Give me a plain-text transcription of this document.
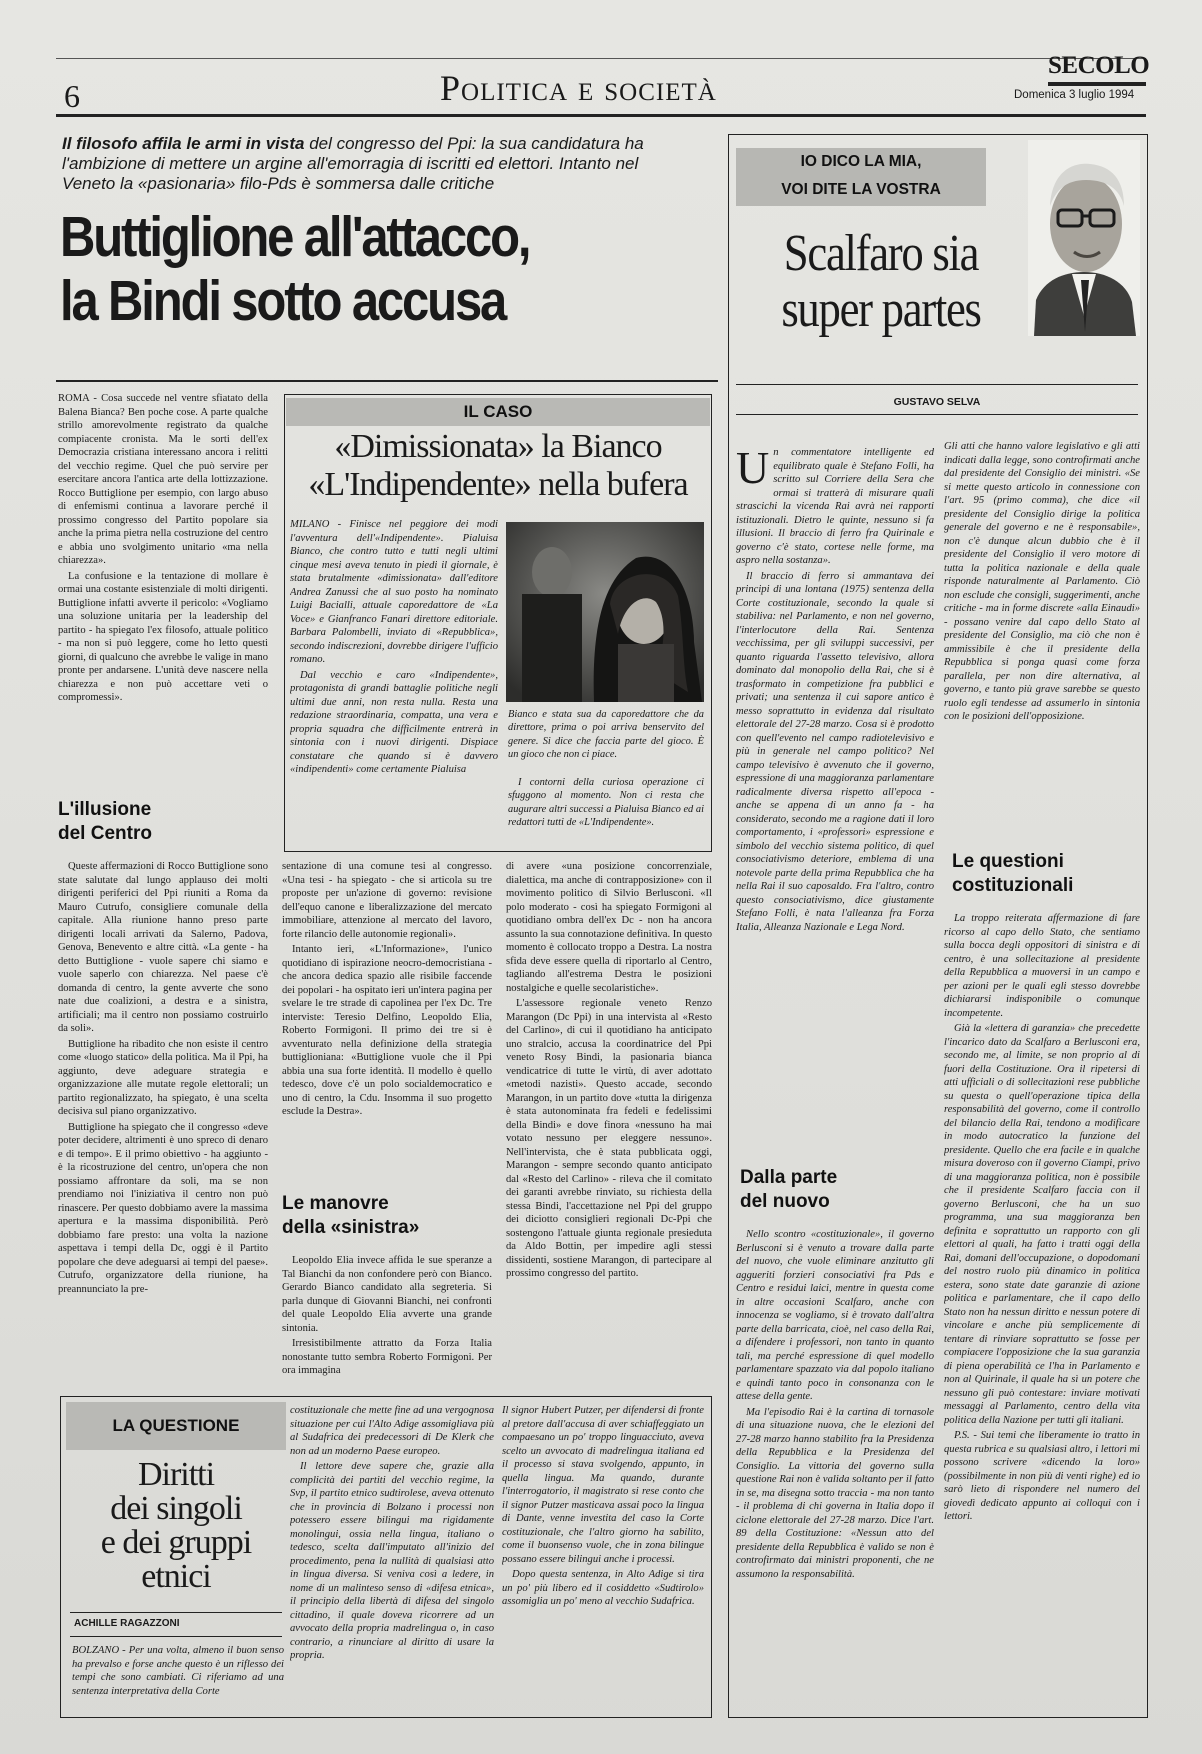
6	Politica e società
SECOLO
Domenica 3 luglio 1994
Il filosofo affila le armi in vista del congresso del Ppi: la sua candidatura ha l'ambizione di mettere un argine all'emorragia di iscritti ed elettori. Intanto nel Veneto la «pasionaria» filo-Pds è sommersa dalle critiche
Buttiglione all'attacco,
la Bindi sotto accusa

ROMA - Cosa succede nel ventre sfiatato della Balena Bianca? Ben poche cose. A parte qualche strillo amorevolmente registrato da qualche compiacente cronista. Ma le sorti dell'ex Democrazia cristiana interessano ancora i relitti del vecchio regime. Quel che può servire per esercitare ancora l'antica arte della lottizzazione. Rocco Buttiglione per esempio, con largo abuso di enfemismi continua a lavorare perché il prossimo congresso del Partito popolare sia anche la prima pietra nella costruzione del centro e abbia uno svolgimento unitario «ma nella chiarezza».

La confusione e la tentazione di mollare è ormai una costante esistenziale di molti dirigenti. Buttiglione infatti avverte il pericolo: «Vogliamo una soluzione unitaria per la leadership del partito - ha spiegato l'ex filosofo, attuale politico - ma non si può leggere, come ho letto questi giorni, di qualcuno che avrebbe le valige in mano pronte per andarsene. L'unità deve nascere nella chiarezza e non può accettare veti o compromessi».

L'illusione
del Centro

Queste affermazioni di Rocco Buttiglione sono state salutate dal lungo applauso dei molti dirigenti periferici del Ppi riuniti a Roma da Mauro Cutrufo, consigliere comunale della capitale. Alla riunione hanno preso parte dirigenti locali arrivati da Salerno, Padova, Genova, Benevento e altre città. «La gente - ha detto Buttiglione - vuole sapere chi siamo e vuole saperlo con chiarezza. Nel paese c'è domanda di centro, la gente avverte che sono nate due coalizioni, a destra e a sinistra, artificiali; ma il centro non possiamo costruirlo da soli».

Buttiglione ha ribadito che non esiste il centro come «luogo statico» della politica. Ma il Ppi, ha aggiunto, deve adeguare strategia e organizzazione alle mutate regole elettorali; un partito regionalizzato, ha spiegato, è una scelta decisiva sul piano organizzativo.

Buttiglione ha spiegato che il congresso «deve poter decidere, altrimenti è uno spreco di denaro e di tempo». E il primo obiettivo - ha aggiunto - è la ricostruzione del centro, un'opera che non possiamo affrontare da soli, ma se non prendiamo noi l'iniziativa il centro non può rinascere. Per questo dobbiamo avere la massima apertura e la massima disponibilità. Però dobbiamo fare presto: una volta la nazione aspettava i tempi della Dc, oggi è il Partito popolare che deve adeguarsi ai tempi del paese». Cutrufo, organizzatore della riunione, ha preannunciato la pre-

IL CASO
«Dimissionata» la Bianco
«L'Indipendente» nella bufera

MILANO - Finisce nel peggiore dei modi l'avventura dell'«Indipendente». Pialuisa Bianco, che contro tutto e tutti negli ultimi cinque mesi aveva tenuto in piedi il giornale, è stata brutalmente «dimissionata» dall'editore Andrea Zanussi che al suo posto ha nominato Luigi Bacialli, attuale caporedattore de «La Voce» e Gianfranco Fanari direttore editoriale. Barbara Palombelli, inviato di «Repubblica», secondo indiscrezioni, dovrebbe dirigere l'ufficio romano.

Dal vecchio e caro «Indipendente», protagonista di grandi battaglie politiche negli ultimi due anni, non resta nulla. Resta una redazione straordinaria, compatta, una vera e propria squadra che difficilmente entrerà in sintonia con i nuovi dirigenti. Dispiace constatare che quando si è davvero «indipendenti» come certamente Pialuisa

Bianco e stata sua da caporedattore che da direttore, prima o poi arriva benservito del genere. Si dice che faccia parte del gioco. È un gioco che non ci piace.
I contorni della curiosa operazione ci sfuggono al momento. Non ci resta che augurare altri successi a Pialuisa Bianco ed ai redattori tutti de «L'Indipendente».

sentazione di una comune tesi al congresso. «Una tesi - ha spiegato - che si articola su tre proposte per un'azione di governo: revisione dell'equo canone e liberalizzazione del mercato immobiliare, attenzione al mercato del lavoro, forte rilancio delle autonomie regionali».

Intanto ieri, «L'Informazione», l'unico quotidiano di ispirazione neocro-democristiana - che ancora dedica spazio alle risibile faccende dei popolari - ha ospitato ieri un'intera pagina per svelare le tre strade di capolinea per l'ex Dc. Tre interviste: Teresio Delfino, Leopoldo Elia, Roberto Formigoni. Il primo dei tre si è avventurato nella definizione della strategia buttiglioniana: «Buttiglione vuole che il Ppi abbia una sua forte identità. Il modello è quello tedesco, dove c'è un polo socialdemocratico e uno di centro, la Cdu. Insomma il suo progetto esclude la Destra».

Le manovre
della «sinistra»

Leopoldo Elia invece affida le sue speranze a Tal Bianchi da non confondere però con Bianco. Gerardo Bianco candidato alla segreteria. Si parla dunque di Giovanni Bianchi, nei confronti del quale Leopoldo Elia avverte una grande sintonia.

Irresistibilmente attratto da Forza Italia nonostante tutto sembra Roberto Formigoni. Per ora immagina

di avere «una posizione concorrenziale, dialettica, ma anche di contrapposizione» con il movimento politico di Silvio Berlusconi. «Il polo moderato - così ha spiegato Formigoni al quotidiano ombra dell'ex Dc - non ha ancora assunto la sua connotazione definitiva. In questo momento è collocato troppo a Destra. La nostra sfida deve essere quella di riportarlo al Centro, tagliando all'estrema Destra le posizioni nostalgiche e quelle secolaristiche».

L'assessore regionale veneto Renzo Marangon (Dc Ppi) in una intervista al «Resto del Carlino», di cui il quotidiano ha anticipato uno stralcio, accusa la coordinatrice del Ppi veneto Rosy Bindi, la pasionaria bianca vendicatrice di tutte le virtù, di aver adottato «metodi nazisti». Questo accade, secondo Marangon, in un partito dove «tutta la dirigenza è stata autonominata fra fedeli e fedelissimi della Bindi» e dove finora «nessuno ha mai votato nessuno per eleggere nessuno». Nell'intervista, che è stata pubblicata oggi, Marangon - sempre secondo quanto anticipato dal «Resto del Carlino» - rileva che il comitato dei garanti avrebbe rinviato, su richiesta della stessa Bindi, l'accettazione nel Ppi del gruppo dei diciotto consiglieri regionali Dc-Ppi che sostengono l'attuale giunta regionale presieduta da Aldo Bottin, per impedire agli stessi dissidenti, sostiene Marangon, di partecipare al prossimo congresso del partito.

IO DICO LA MIA,
VOI DITE LA VOSTRA
Scalfaro sia
super partes
GUSTAVO SELVA

Un commentatore intelligente ed equilibrato quale è Stefano Folli, ha scritto sul Corriere della Sera che ormai si tratterà di misurare quali strascichi la vicenda Rai avrà nei rapporti istituzionali. Dietro le quinte, nessuno si fa illusioni. Il braccio di ferro fra Quirinale e governo c'è stato, cortese nelle forme, ma aspro nella sostanza».

Il braccio di ferro si ammantava dei principi di una lontana (1975) sentenza della Corte costituzionale, secondo la quale si stabiliva: nel Parlamento, e non nel governo, l'interlocutore della Rai. Sentenza vecchissima, per gli sviluppi successivi, per quanto riguarda l'assetto televisivo, allora dominato dal monopolio della Rai, che si è trasformato in competizione fra pubblici e privati; una sentenza il cui sapore antico è messo soprattutto in evidenza dal risultato elettorale del 27-28 marzo. Cosa si è prodotto con quell'evento nel campo radiotelevisivo e più in generale nel campo politico? Nel campo televisivo è avvenuto che il governo, espressione di una maggioranza parlamentare radicalmente diversa rispetto all'epoca - anche se appena di un anno fa - ha considerato, secondo me a ragione dati il loro comportamento, i «professori» espressione e simbolo del vecchio sistema politico, di quel consociativismo deteriore, emblema di una notevole parte della prima Repubblica che ha nella Rai il suo caposaldo. Fra l'altro, contro questo consociativismo, dice giustamente Stefano Folli, è nata l'alleanza fra Forza Italia, Alleanza Nazionale e Lega Nord.

Dalla parte
del nuovo

Nello scontro «costituzionale», il governo Berlusconi si è venuto a trovare dalla parte del nuovo, che vuole eliminare anzitutto gli aggueriti forzieri consociativi fra Pds e Centro e residui laici, mentre in questa come in altre occasioni Scalfaro, anche con innocenza se vogliamo, si è trovato dall'altra parte della barricata, cioè, nel caso della Rai, a difendere i professori, non tanto in quanto tali, ma perché espressione di quel modello parlamentare spazzato via dal popolo italiano e quindi tanto poco in consonanza con le attese della gente.

Ma l'episodio Rai è la cartina di tornasole di una situazione nuova, che le elezioni del 27-28 marzo hanno stabilito fra la Presidenza della Repubblica e la Presidenza del Consiglio. La vittoria del governo sulla questione Rai non è valida soltanto per il fatto in se, ma disegna sotto traccia - ma non tanto - il problema di chi governa in Italia dopo il ciclone elettorale del 27-28 marzo. Dice l'art. 89 della Costituzione: «Nessun atto del presidente della Repubblica è valido se non è controfirmato dai ministri proponenti, che ne assumono la responsabilità.

Gli atti che hanno valore legislativo e gli atti indicati dalla legge, sono controfirmati anche dal presidente del Consiglio dei ministri. «Se si mette questo articolo in connessione con l'art. 95 (primo comma), che dice «il presidente del Consiglio dirige la politica generale del governo e ne è responsabile», non c'è dunque alcun dubbio che è il presidente del Consiglio il vero motore di tutta la politica nazionale e della quale risponde naturalmente al Parlamento. Ciò non esclude che consigli, suggerimenti, anche critiche - ma in forme discrete «alla Einaudi» - possano venire dal capo dello Stato al presidente del Consiglio, ma ciò che non è ammissibile è che il presidente della Repubblica si ponga quasi come forza parallela, per non dire alternativa, al governo, e tanto più grave sarebbe se questo ruolo egli tendesse ad assumerlo in sintonia con le posizioni dell'opposizione.

Le questioni
costituzionali

La troppo reiterata affermazione di fare ricorso al capo dello Stato, che sentiamo sulla bocca degli oppositori di sinistra e di centro, è una sollecitazione al presidente della Repubblica a muoversi in un campo e per azioni per le quali egli stesso dovrebbe dichiararsi indisponibile o comunque incompetente.

Già la «lettera di garanzia» che precedette l'incarico dato da Scalfaro a Berlusconi era, secondo me, al limite, se non proprio al di fuori della Costituzione. Ora il ripetersi di atti ufficiali o di sollecitazioni rese pubbliche su questa o quell'operazione tipica della responsabilità del governo, come il controllo del bilancio della Rai, tendono a modificare in modo autocratico la funzione del presidente. Quello che era facile e in qualche misura doveroso con il governo Ciampi, privo di una maggioranza politica, non è possibile che il presidente Scalfaro faccia con il governo Berlusconi, che ha un suo programma, una sua maggioranza ben definita e soprattutto un rapporto con gli elettori al quali, ha fatto i tratti oggi della Rai, domani dell'occupazione, o dopodomani del nostro ruolo più dinamico in politica estera, sono state date garanzie di azione politica e parlamentare, che il capo dello Stato non ha nessun diritto e nessun potere di vincolare e anche più semplicemente di tentare di rinviare soprattutto se fosse per compiacere l'opposizione che la sua garanzia di piena operabilità ce l'ha in Parlamento e non al Quirinale, il quale ha sì un potere che nessuno gli può contestare: inviare motivati messaggi al Parlamento, centro della vita politica della Nazione per tutti gli italiani.

P.S. - Sui temi che liberamente io tratto in questa rubrica e su qualsiasi altro, i lettori mi possono scrivere «dicendo la loro» (possibilmente in non più di venti righe) ed io sarò lieto di rispondere nel numero del giovedì dedicato appunto ai colloqui con i lettori.

LA QUESTIONE
Diritti
dei singoli
e dei gruppi
etnici
ACHILLE RAGAZZONI

BOLZANO - Per una volta, almeno il buon senso ha prevalso e forse anche questo è un riflesso dei tempi che sono cambiati. Ci riferiamo ad una sentenza interpretativa della Corte

costituzionale che mette fine ad una vergognosa situazione per cui l'Alto Adige assomigliava più al Sudafrica dei predecessori di De Klerk che non ad un moderno Paese europeo.

Il lettore deve sapere che, grazie alla complicità dei partiti del vecchio regime, la Svp, il partito etnico sudtirolese, aveva ottenuto che in provincia di Bolzano i processi non potessero essere bilingui ma rigidamente monolingui, ossia nella lingua, italiano o tedesco, scelta dall'imputato all'inizio del procedimento, pena la nullità di qualsiasi atto in lingua diversa. Si veniva così a ledere, in nome di un malinteso senso di «difesa etnica», il principio della libertà di difesa del singolo cittadino, il quale doveva ricorrere ad un avvocato della propria madrelingua o, in caso contrario, a rinunciare al diritto di usare la propria.

Il signor Hubert Putzer, per difendersi di fronte al pretore dall'accusa di aver schiaffeggiato un compaesano un po' troppo linguacciuto, aveva scelto un avvocato di madrelingua italiana ed il processo si stava svolgendo, appunto, in quella lingua. Ma quando, durante l'interrogatorio, il magistrato si rese conto che il signor Putzer masticava assai poco la lingua di Dante, venne investita del caso la Corte costituzionale, che l'altro giorno ha sabilito, come il buonsenso vuole, che in zona bilingue possano essere bilingui anche i processi.

Dopo questa sentenza, in Alto Adige si tira un po' più libero ed il cosiddetto «Sudtirolo» assomiglia un po' meno al vecchio Sudafrica.
